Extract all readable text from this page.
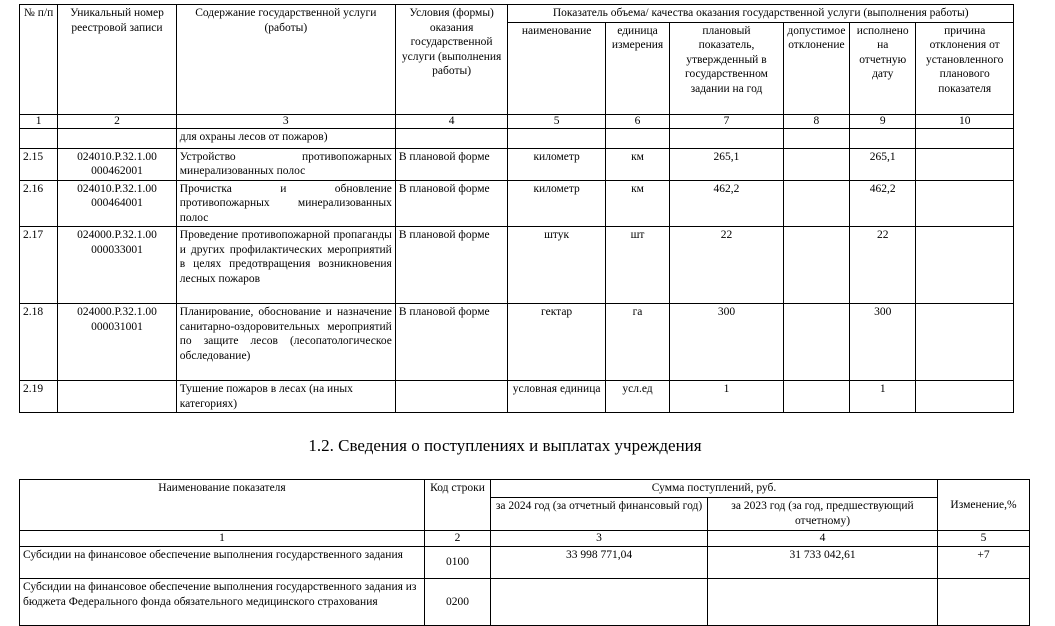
№ п/п	Уникальный номер реестровой записи	Содержание государственной услуги (работы)	Условия (формы) оказания государственной услуги (выполнения работы)	Показатель объема/ качества оказания государственной услуги (выполнения работы)					
				наименование	единица измерения	плановый показатель, утвержденный в государственном задании на год	допустимое отклонение	исполнено на отчетную дату	причина отклонения от установленного планового показателя
1	2	3	4	5	6	7	8	9	10
		для охраны лесов от пожаров)							
2.15	024010.Р.32.1.00 000462001	Устройство противопожарных минерализованных полос	В плановой форме	километр	км	265,1		265,1	
2.16	024010.Р.32.1.00 000464001	Прочистка и обновление противопожарных минерализованных полос	В плановой форме	километр	км	462,2		462,2	
2.17	024000.Р.32.1.00 000033001	Проведение противопожарной пропаганды и других профилактических мероприятий в целях предотвращения возникновения лесных пожаров	В плановой форме	штук	шт	22		22	
2.18	024000.Р.32.1.00 000031001	Планирование, обоснование и назначение санитарно-оздоровительных мероприятий по защите лесов (лесопатологическое обследование)	В плановой форме	гектар	га	300		300	
2.19		Тушение пожаров в лесах (на иных категориях)		условная единица	усл.ед	1		1	
1.2. Сведения о поступлениях и выплатах учреждения
Наименование показателя	Код строки	Сумма поступлений, руб.		Изменение,%
		за 2024 год (за отчетный финансовый год)	за 2023 год (за год, предшествующий отчетному)	
1	2	3	4	5
Субсидии на финансовое обеспечение выполнения государственного задания	0100	33 998 771,04	31 733 042,61	+7
Субсидии на финансовое обеспечение выполнения государственного задания из бюджета Федерального фонда обязательного медицинского страхования	0200			
